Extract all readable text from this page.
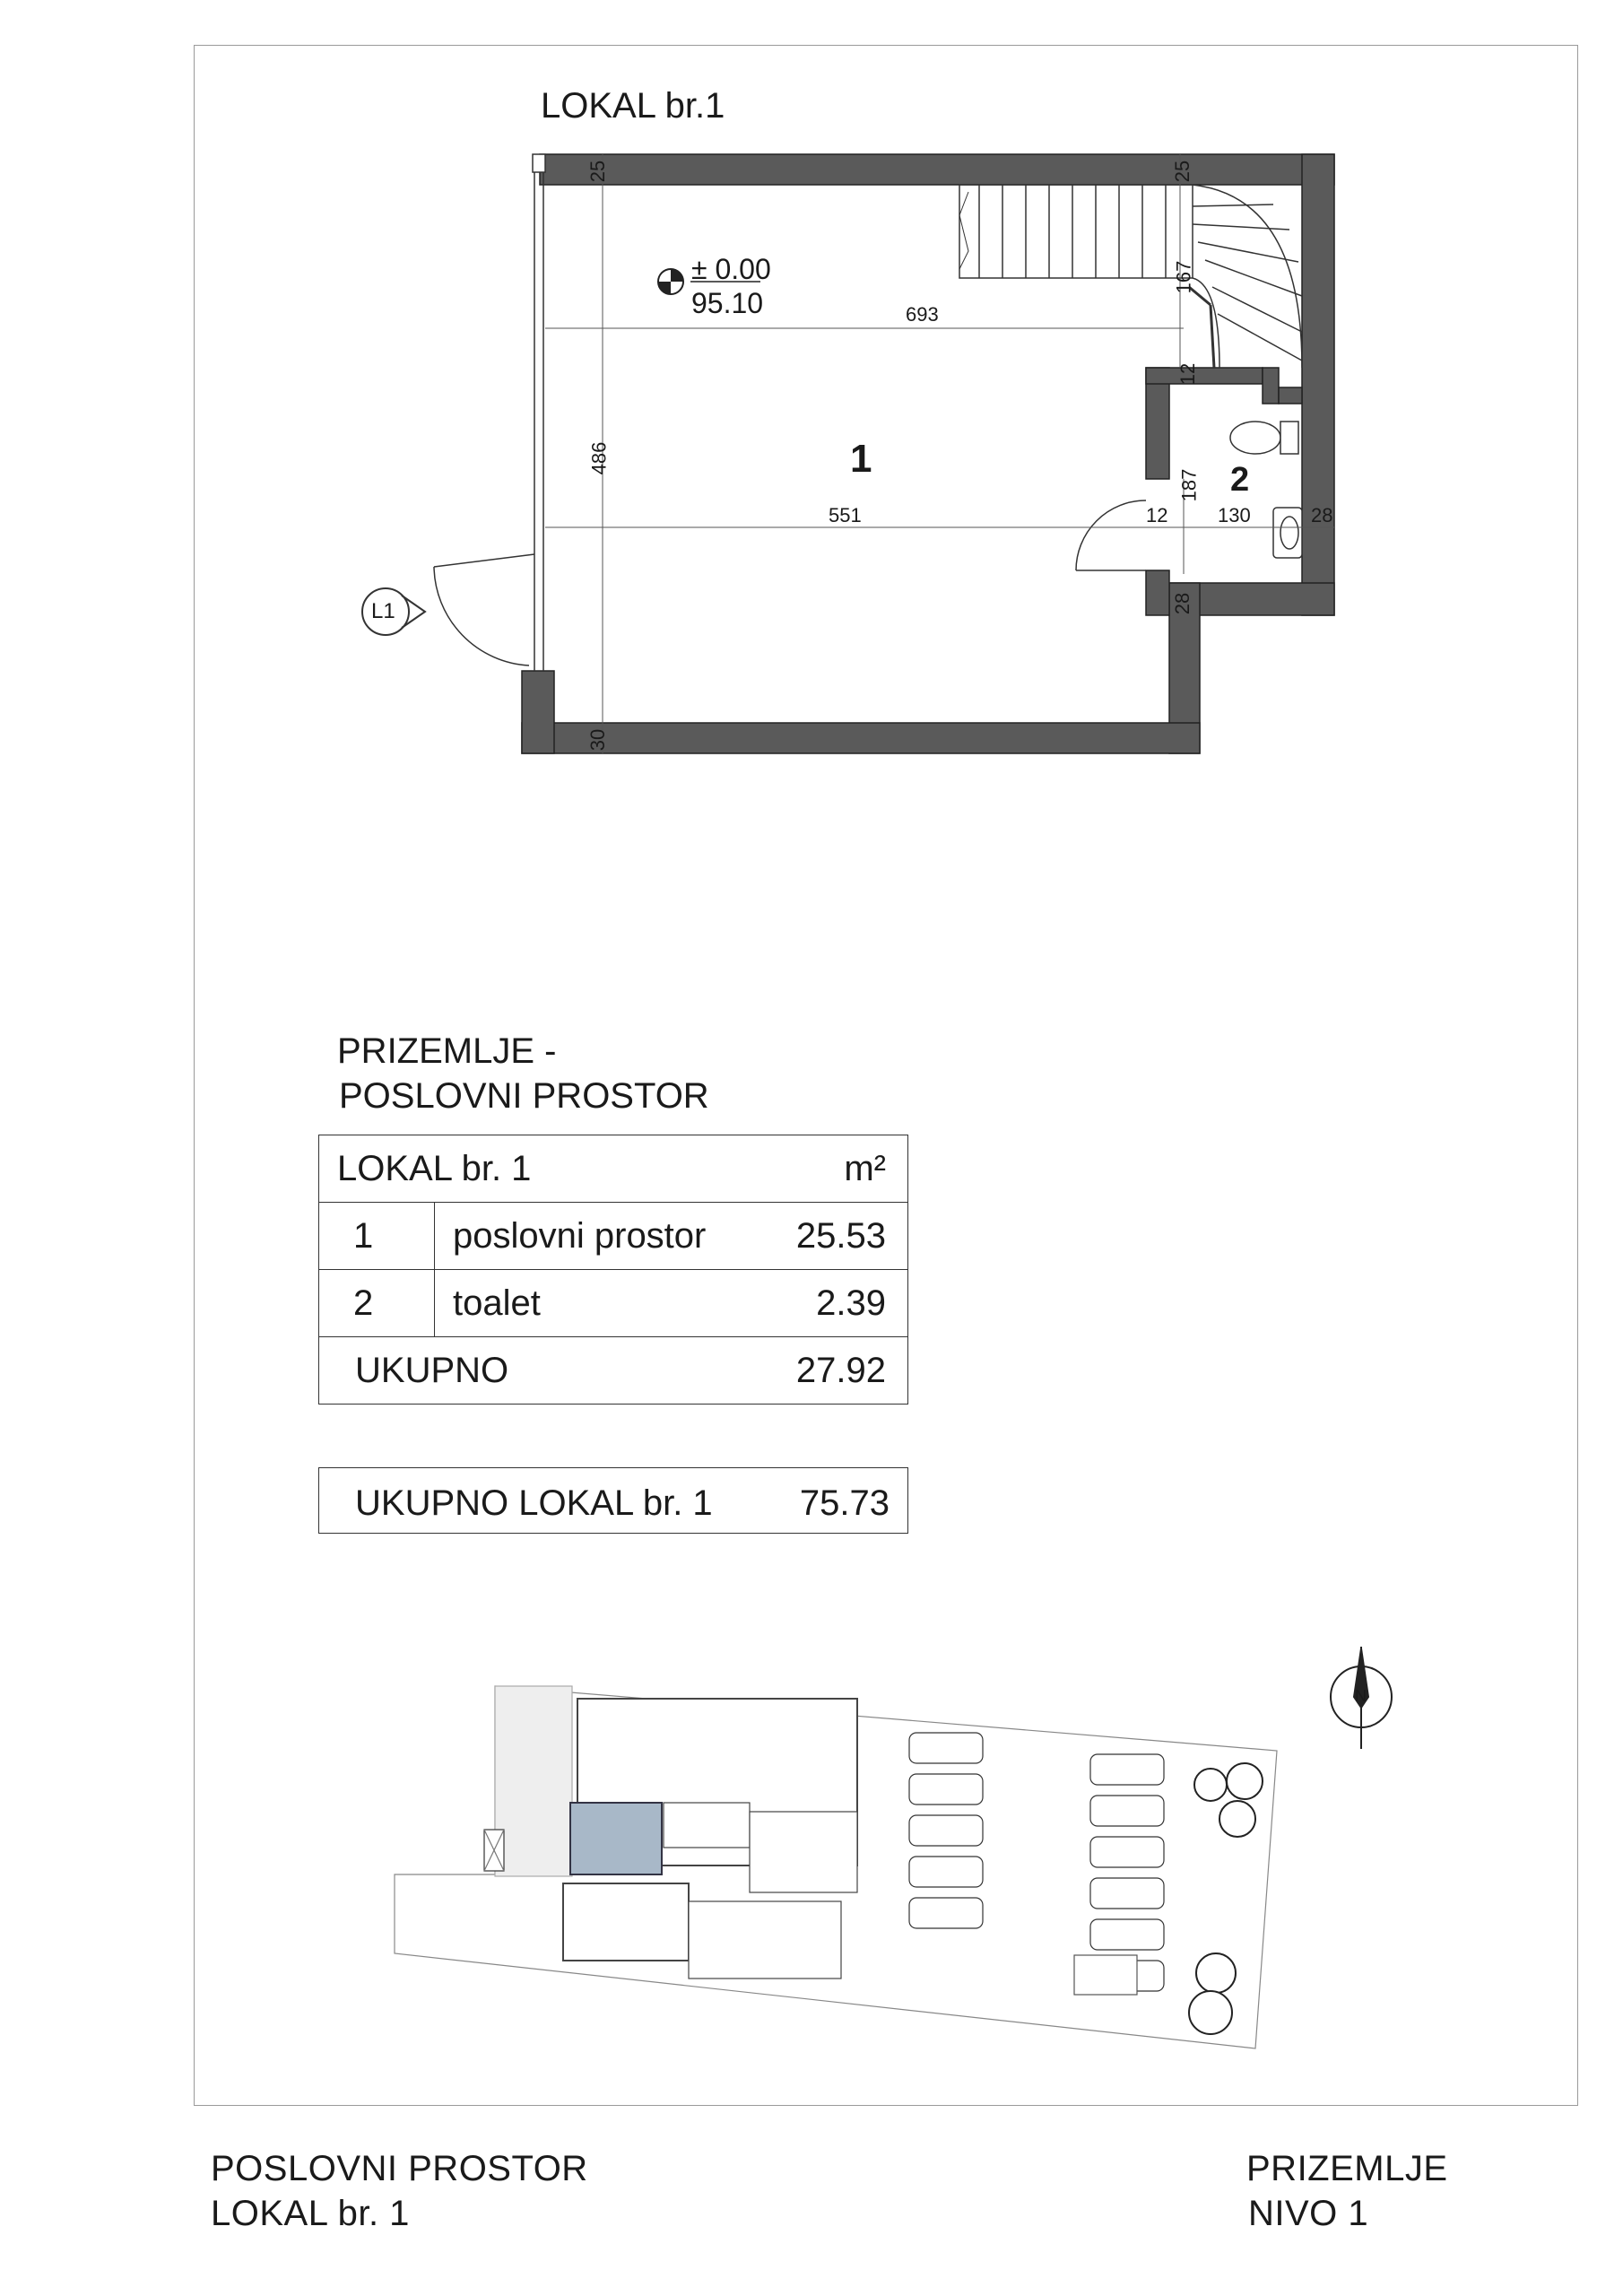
LOKAL br.1
± 0.00
95.10
1	2
L1
693
551
486
25	25
30
167
12
12
187
130	28
28
PRIZEMLJE -
POSLOVNI PROSTOR
LOKAL br. 1		m²
1	poslovni prostor	25.53
2	toalet	2.39
UKUPNO		27.92
UKUPNO LOKAL br. 1 75.73
N
POSLOVNI PROSTOR
LOKAL br. 1
PRIZEMLJE
NIVO 1
